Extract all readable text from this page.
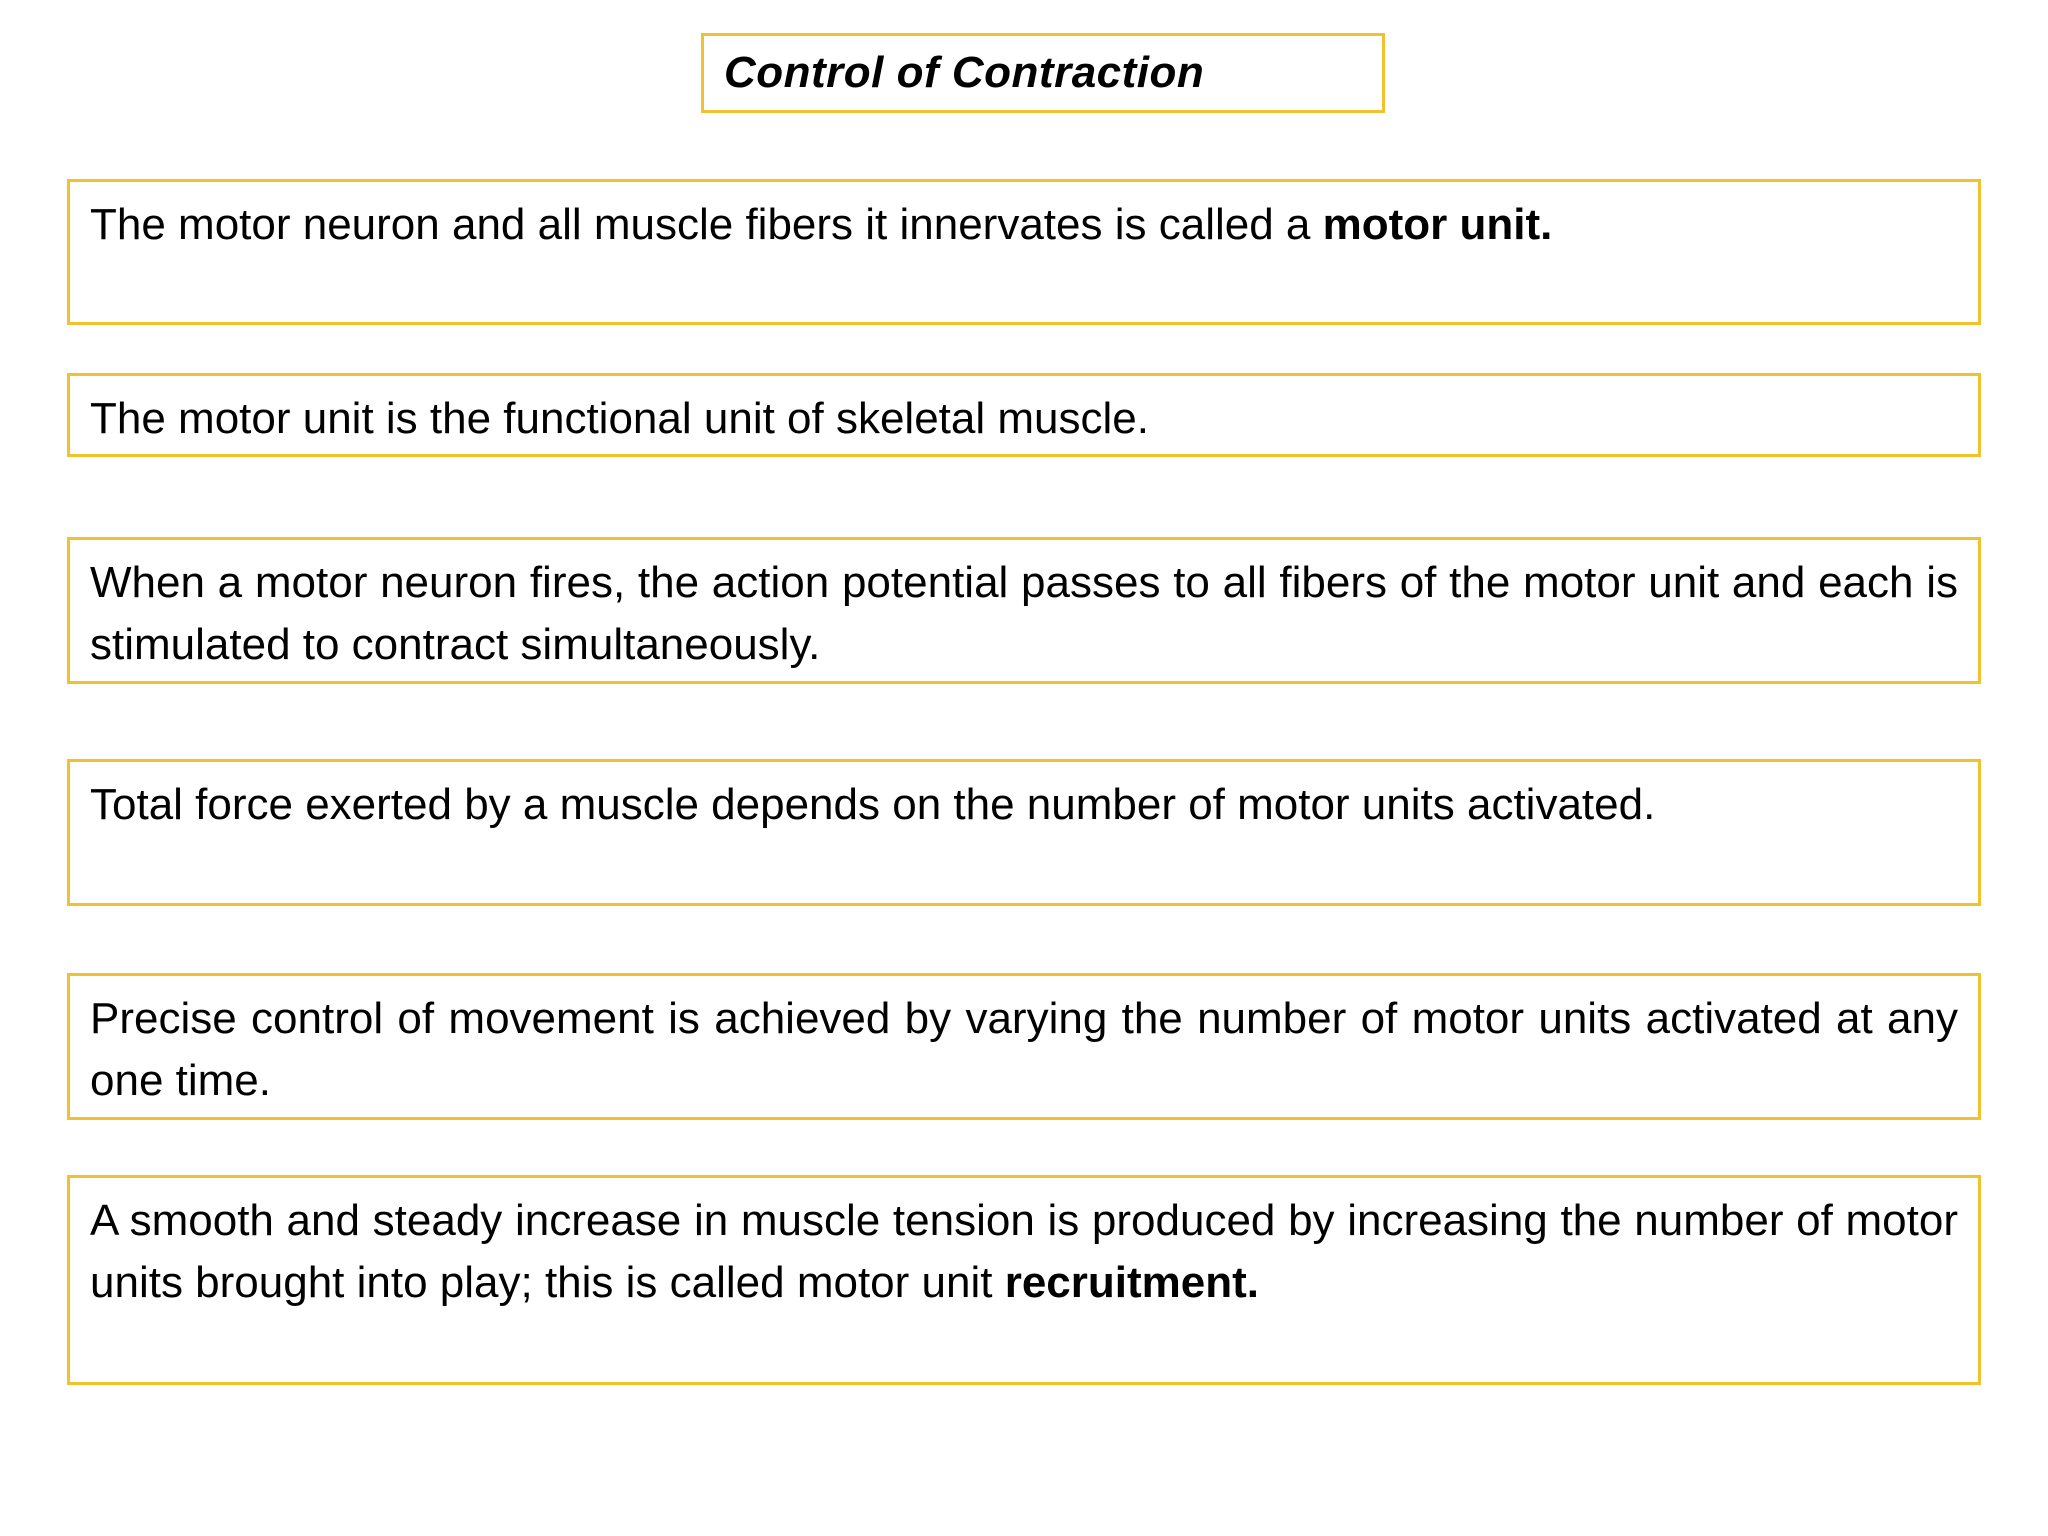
Control of Contraction
The motor neuron and all muscle fibers it innervates is called a motor unit.
The motor unit is the functional unit of skeletal muscle.
When a motor neuron fires, the action potential passes to all fibers of the motor unit and each is stimulated to contract simultaneously.
Total force exerted by a muscle depends on the number of motor units activated.
Precise control of movement is achieved by varying the number of motor units activated at any one time.
A smooth and steady increase in muscle tension is produced by increasing the number of motor units brought into play; this is called motor unit recruitment.
